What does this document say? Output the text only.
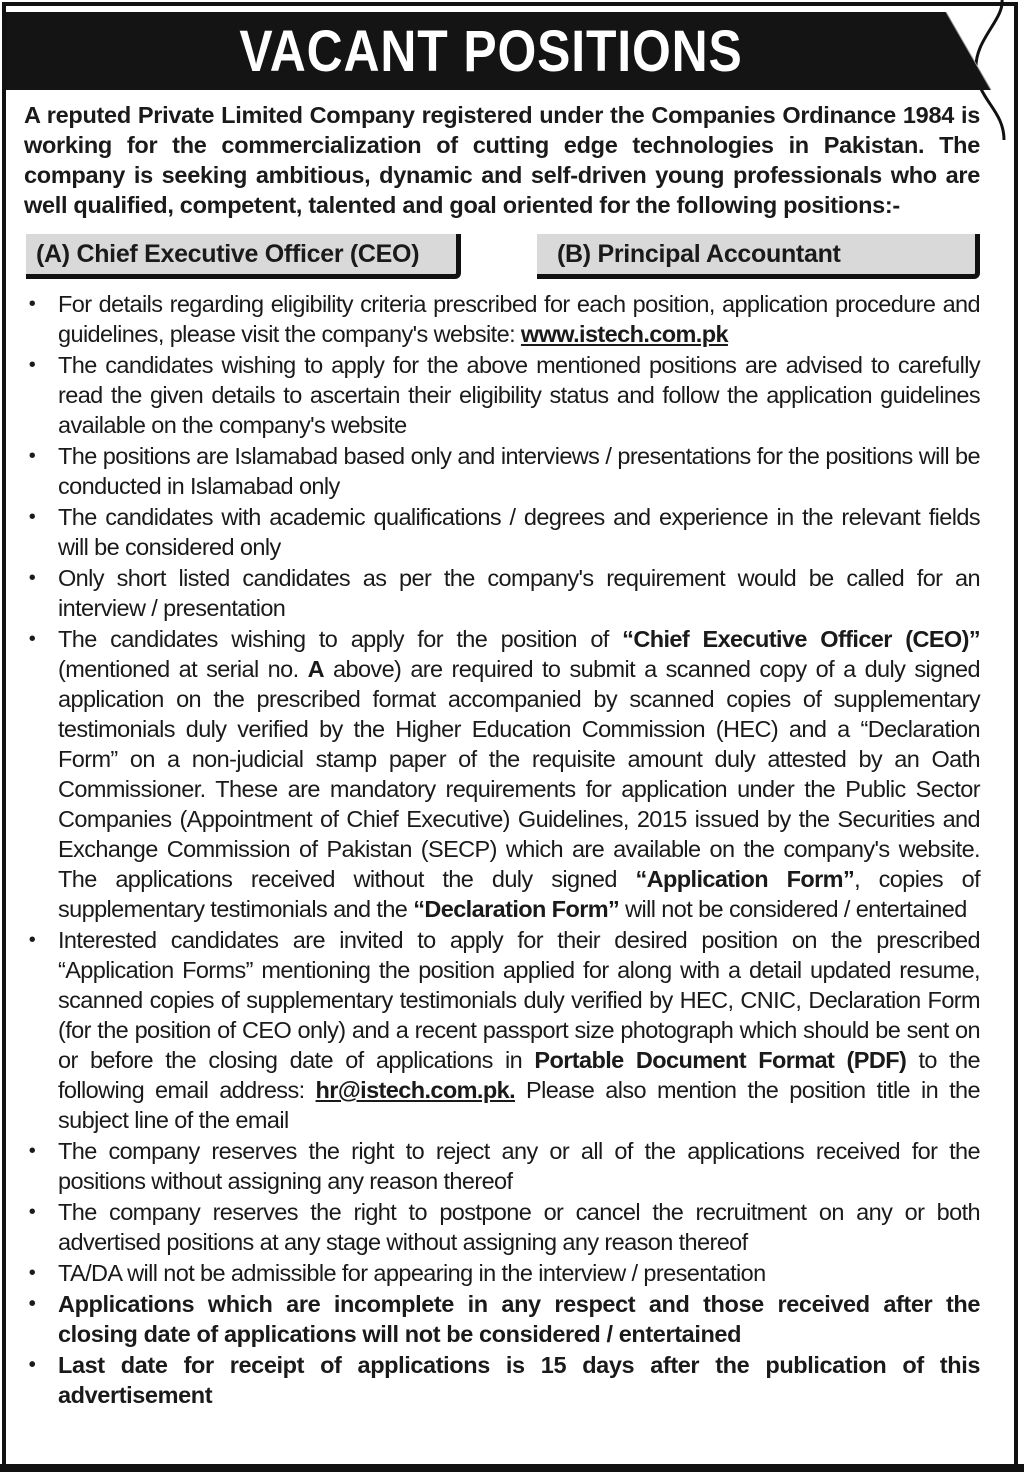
VACANT POSITIONS

A reputed Private Limited Company registered under the Companies Ordinance 1984 is working for the commercialization of cutting edge technologies in Pakistan. The company is seeking ambitious, dynamic and self-driven young professionals who are well qualified, competent, talented and goal oriented for the following positions:-

(A) Chief Executive Officer (CEO)	(B) Principal Accountant
• For details regarding eligibility criteria prescribed for each position, application procedure and guidelines, please visit the company's website: www.istech.com.pk
• The candidates wishing to apply for the above mentioned positions are advised to carefully read the given details to ascertain their eligibility status and follow the application guidelines available on the company's website
• The positions are Islamabad based only and interviews / presentations for the positions will be conducted in Islamabad only
• The candidates with academic qualifications / degrees and experience in the relevant fields will be considered only
• Only short listed candidates as per the company's requirement would be called for an interview / presentation
• The candidates wishing to apply for the position of “Chief Executive Officer (CEO)” (mentioned at serial no. A above) are required to submit a scanned copy of a duly signed application on the prescribed format accompanied by scanned copies of supplementary testimonials duly verified by the Higher Education Commission (HEC) and a “Declaration Form” on a non-judicial stamp paper of the requisite amount duly attested by an Oath Commissioner. These are mandatory requirements for application under the Public Sector Companies (Appointment of Chief Executive) Guidelines, 2015 issued by the Securities and Exchange Commission of Pakistan (SECP) which are available on the company's website. The applications received without the duly signed “Application Form”, copies of supplementary testimonials and the “Declaration Form” will not be considered / entertained
• Interested candidates are invited to apply for their desired position on the prescribed “Application Forms” mentioning the position applied for along with a detail updated resume, scanned copies of supplementary testimonials duly verified by HEC, CNIC, Declaration Form (for the position of CEO only) and a recent passport size photograph which should be sent on or before the closing date of applications in Portable Document Format (PDF) to the following email address: hr@istech.com.pk. Please also mention the position title in the subject line of the email
• The company reserves the right to reject any or all of the applications received for the positions without assigning any reason thereof
• The company reserves the right to postpone or cancel the recruitment on any or both advertised positions at any stage without assigning any reason thereof
• TA/DA will not be admissible for appearing in the interview / presentation
• Applications which are incomplete in any respect and those received after the closing date of applications will not be considered / entertained
• Last date for receipt of applications is 15 days after the publication of this advertisement
